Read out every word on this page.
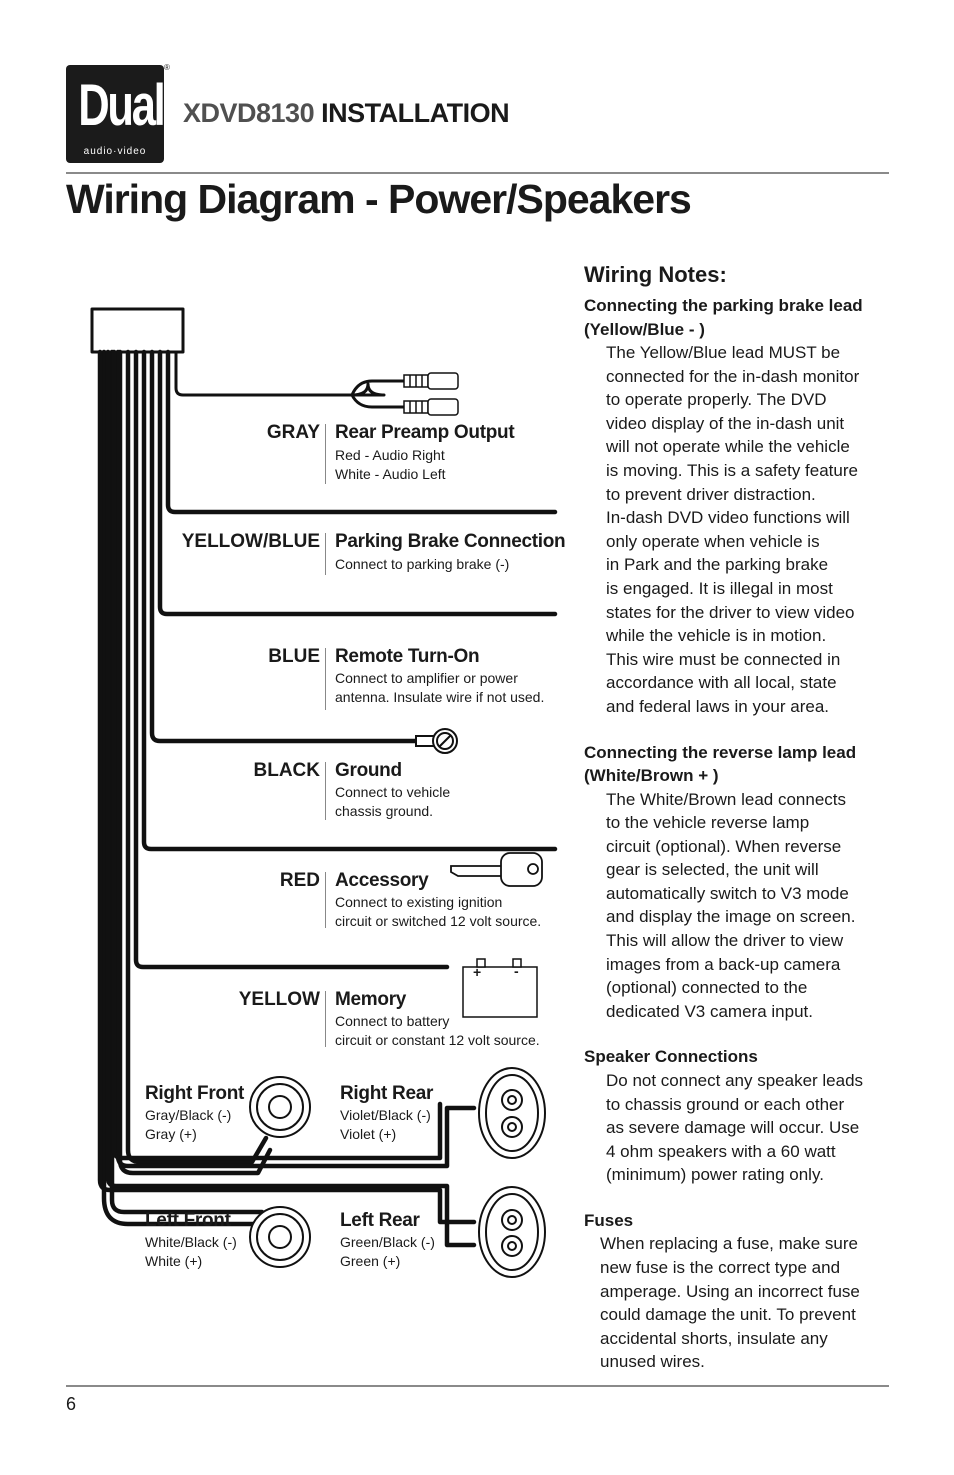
Dual
audio·video
®
XDVD8130 INSTALLATION
Wiring Diagram - Power/Speakers
+ -
GRAY Rear Preamp Output
Red - Audio Right
White - Audio Left
YELLOW/BLUE Parking Brake Connection
Connect to parking brake (-)
BLUE Remote Turn-On
Connect to amplifier or power
antenna. Insulate wire if not used.
BLACK Ground
Connect to vehicle
chassis ground.
RED Accessory
Connect to existing ignition
circuit or switched 12 volt source.
YELLOW Memory
Connect to battery
circuit or constant 12 volt source.
Right Front
Gray/Black (-)
Gray (+)
Right Rear
Violet/Black (-)
Violet (+)
Left Front
White/Black (-)
White (+)
Left Rear
Green/Black (-)
Green (+)
Wiring Notes:
Connecting the parking brake lead
(Yellow/Blue - )
The Yellow/Blue lead MUST be
connected for the in-dash monitor
to operate properly. The DVD
video display of the in-dash unit
will not operate while the vehicle
is moving. This is a safety feature
to prevent driver distraction.
In-dash DVD video functions will
only operate when vehicle is
in Park and the parking brake
is engaged. It is illegal in most
states for the driver to view video
while the vehicle is in motion.
This wire must be connected in
accordance with all local, state
and federal laws in your area.
Connecting the reverse lamp lead
(White/Brown + )
The White/Brown lead connects
to the vehicle reverse lamp
circuit (optional). When reverse
gear is selected, the unit will
automatically switch to V3 mode
and display the image on screen.
This will allow the driver to view
images from a back-up camera
(optional) connected to the
dedicated V3 camera input.
Speaker Connections
Do not connect any speaker leads
to chassis ground or each other
as severe damage will occur. Use
4 ohm speakers with a 60 watt
(minimum) power rating only.
Fuses
When replacing a fuse, make sure
new fuse is the correct type and
amperage. Using an incorrect fuse
could damage the unit. To prevent
accidental shorts, insulate any
unused wires.
6
